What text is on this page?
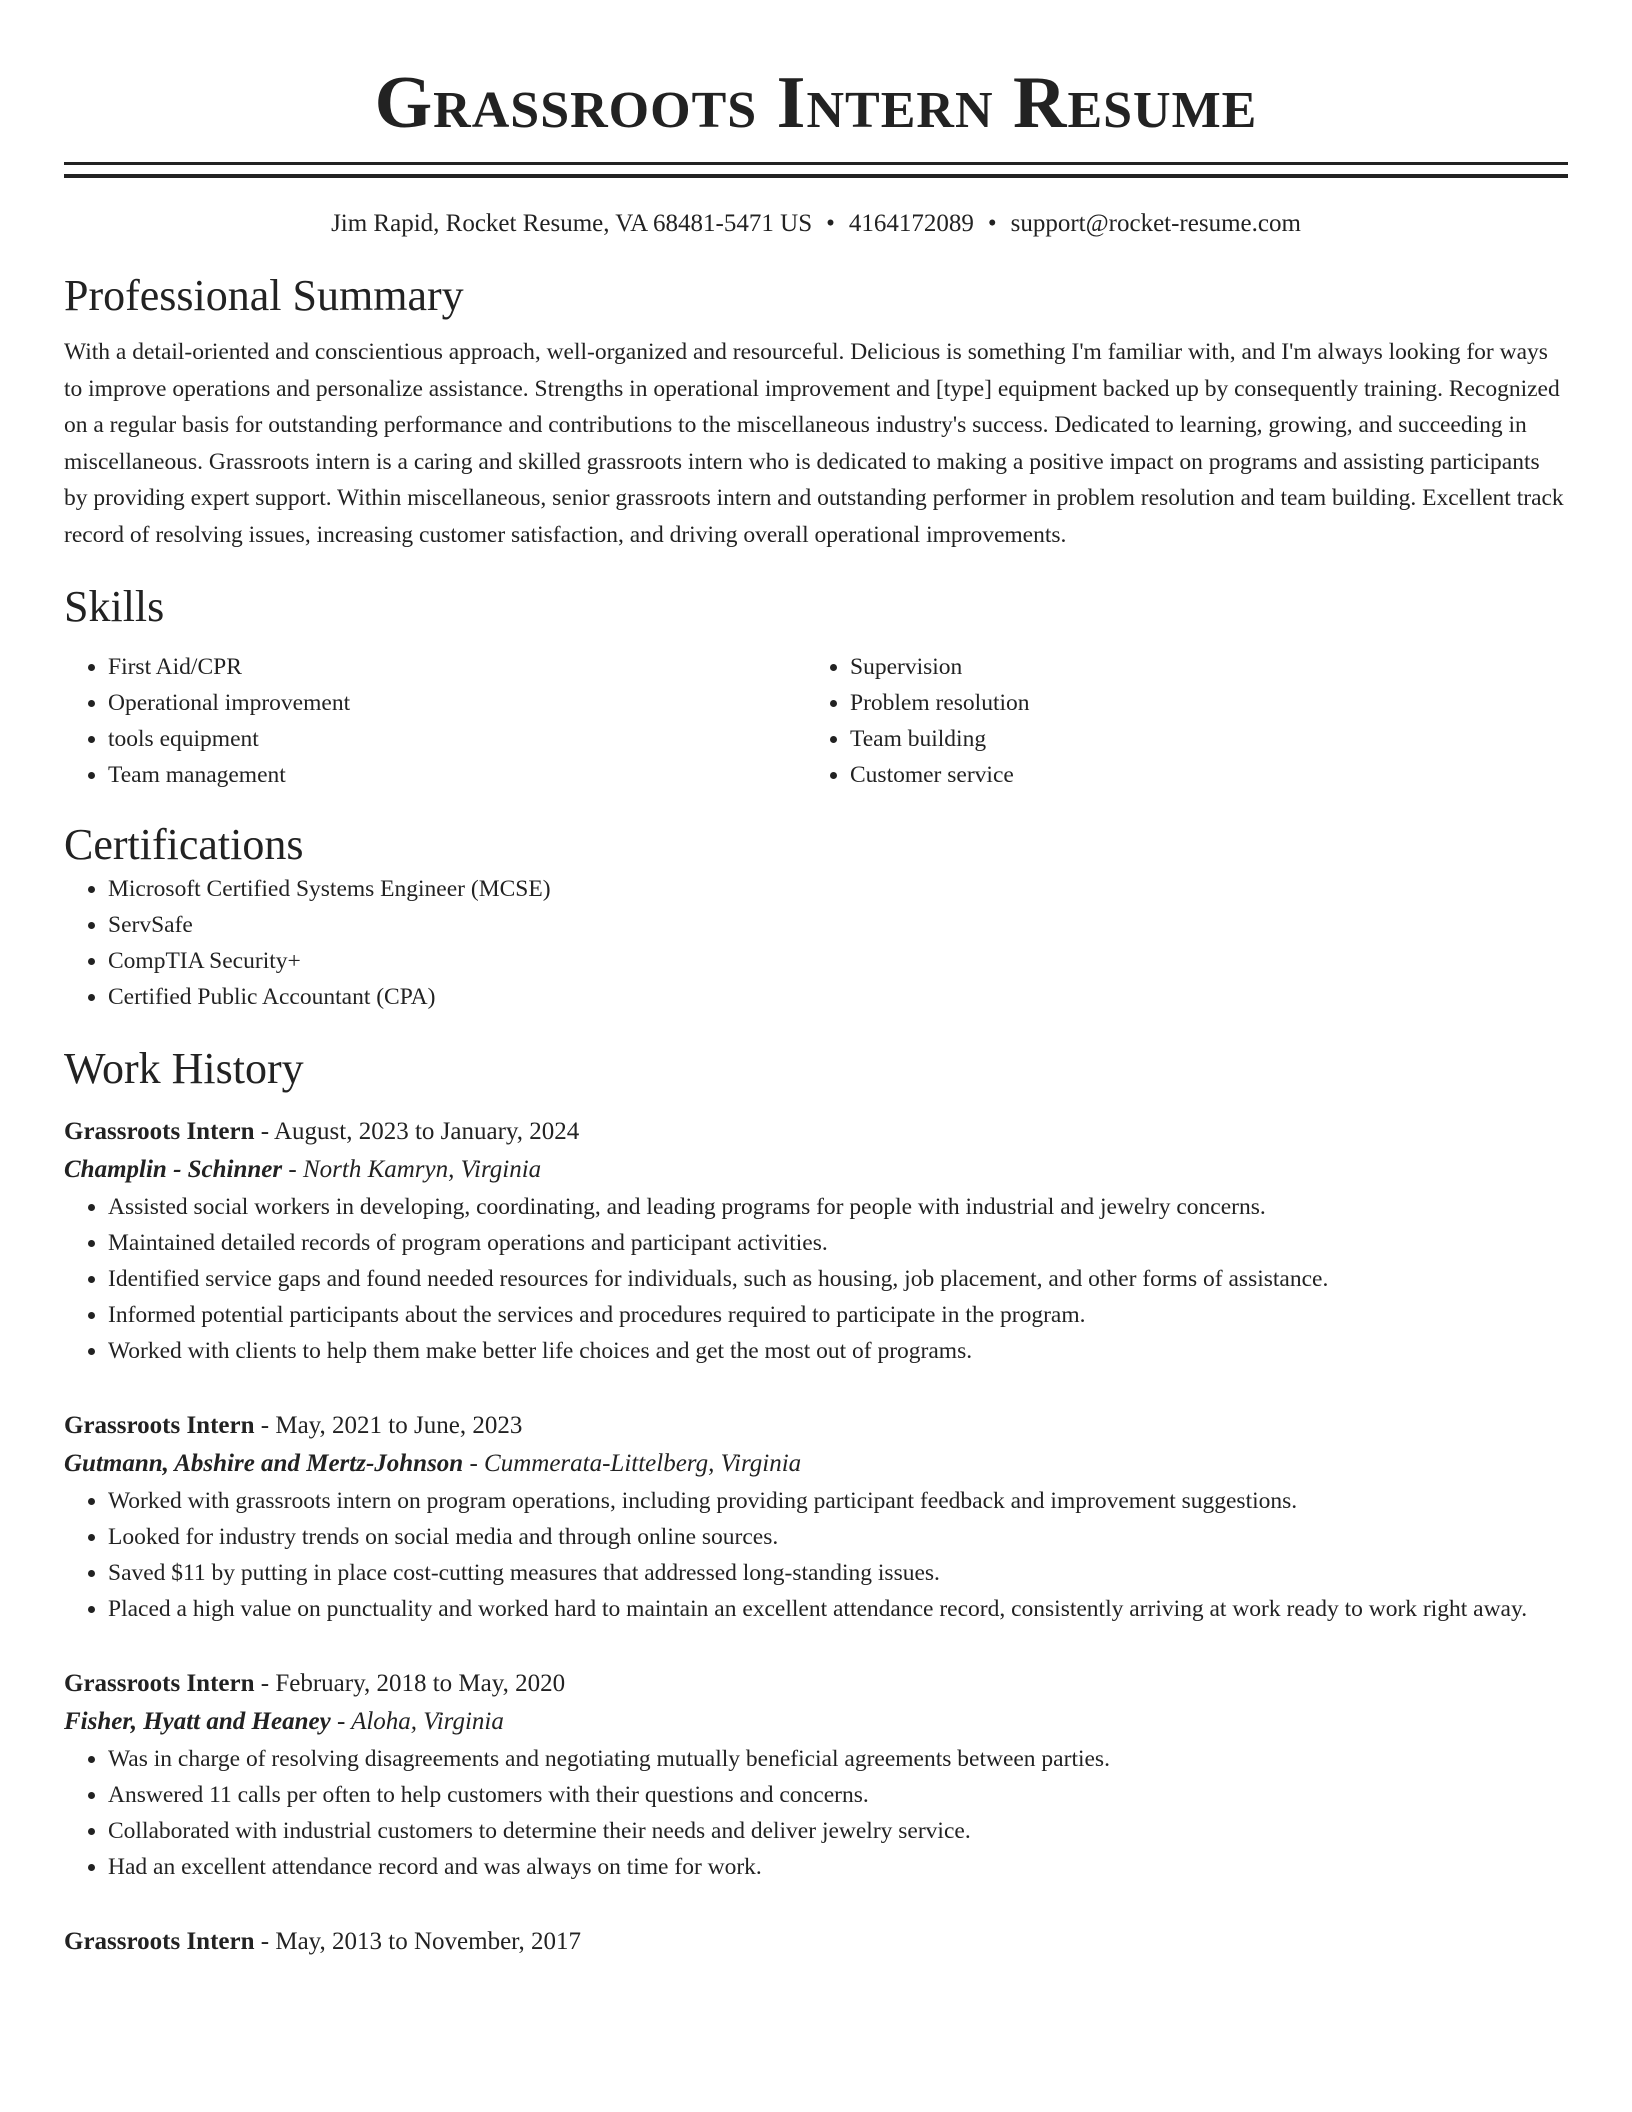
Grassroots Intern Resume
Jim Rapid, Rocket Resume, VA 68481-5471 US • 4164172089 • support@rocket-resume.com
Professional Summary

With a detail-oriented and conscientious approach, well-organized and resourceful. Delicious is something I'm familiar with, and I'm always looking for ways to improve operations and personalize assistance. Strengths in operational improvement and [type] equipment backed up by consequently training. Recognized on a regular basis for outstanding performance and contributions to the miscellaneous industry's success. Dedicated to learning, growing, and succeeding in miscellaneous. Grassroots intern is a caring and skilled grassroots intern who is dedicated to making a positive impact on programs and assisting participants by providing expert support. Within miscellaneous, senior grassroots intern and outstanding performer in problem resolution and team building. Excellent track record of resolving issues, increasing customer satisfaction, and driving overall operational improvements.

Skills
• First Aid/CPR
• Operational improvement
• tools equipment
• Team management
• Supervision
• Problem resolution
• Team building
• Customer service
Certifications
• Microsoft Certified Systems Engineer (MCSE)
• ServSafe
• CompTIA Security+
• Certified Public Accountant (CPA)
Work History
Grassroots Intern - August, 2023 to January, 2024
Champlin - Schinner - North Kamryn, Virginia
• Assisted social workers in developing, coordinating, and leading programs for people with industrial and jewelry concerns.
• Maintained detailed records of program operations and participant activities.
• Identified service gaps and found needed resources for individuals, such as housing, job placement, and other forms of assistance.
• Informed potential participants about the services and procedures required to participate in the program.
• Worked with clients to help them make better life choices and get the most out of programs.
Grassroots Intern - May, 2021 to June, 2023
Gutmann, Abshire and Mertz-Johnson - Cummerata-Littelberg, Virginia
• Worked with grassroots intern on program operations, including providing participant feedback and improvement suggestions.
• Looked for industry trends on social media and through online sources.
• Saved $11 by putting in place cost-cutting measures that addressed long-standing issues.
• Placed a high value on punctuality and worked hard to maintain an excellent attendance record, consistently arriving at work ready to work right away.
Grassroots Intern - February, 2018 to May, 2020
Fisher, Hyatt and Heaney - Aloha, Virginia
• Was in charge of resolving disagreements and negotiating mutually beneficial agreements between parties.
• Answered 11 calls per often to help customers with their questions and concerns.
• Collaborated with industrial customers to determine their needs and deliver jewelry service.
• Had an excellent attendance record and was always on time for work.
Grassroots Intern - May, 2013 to November, 2017
